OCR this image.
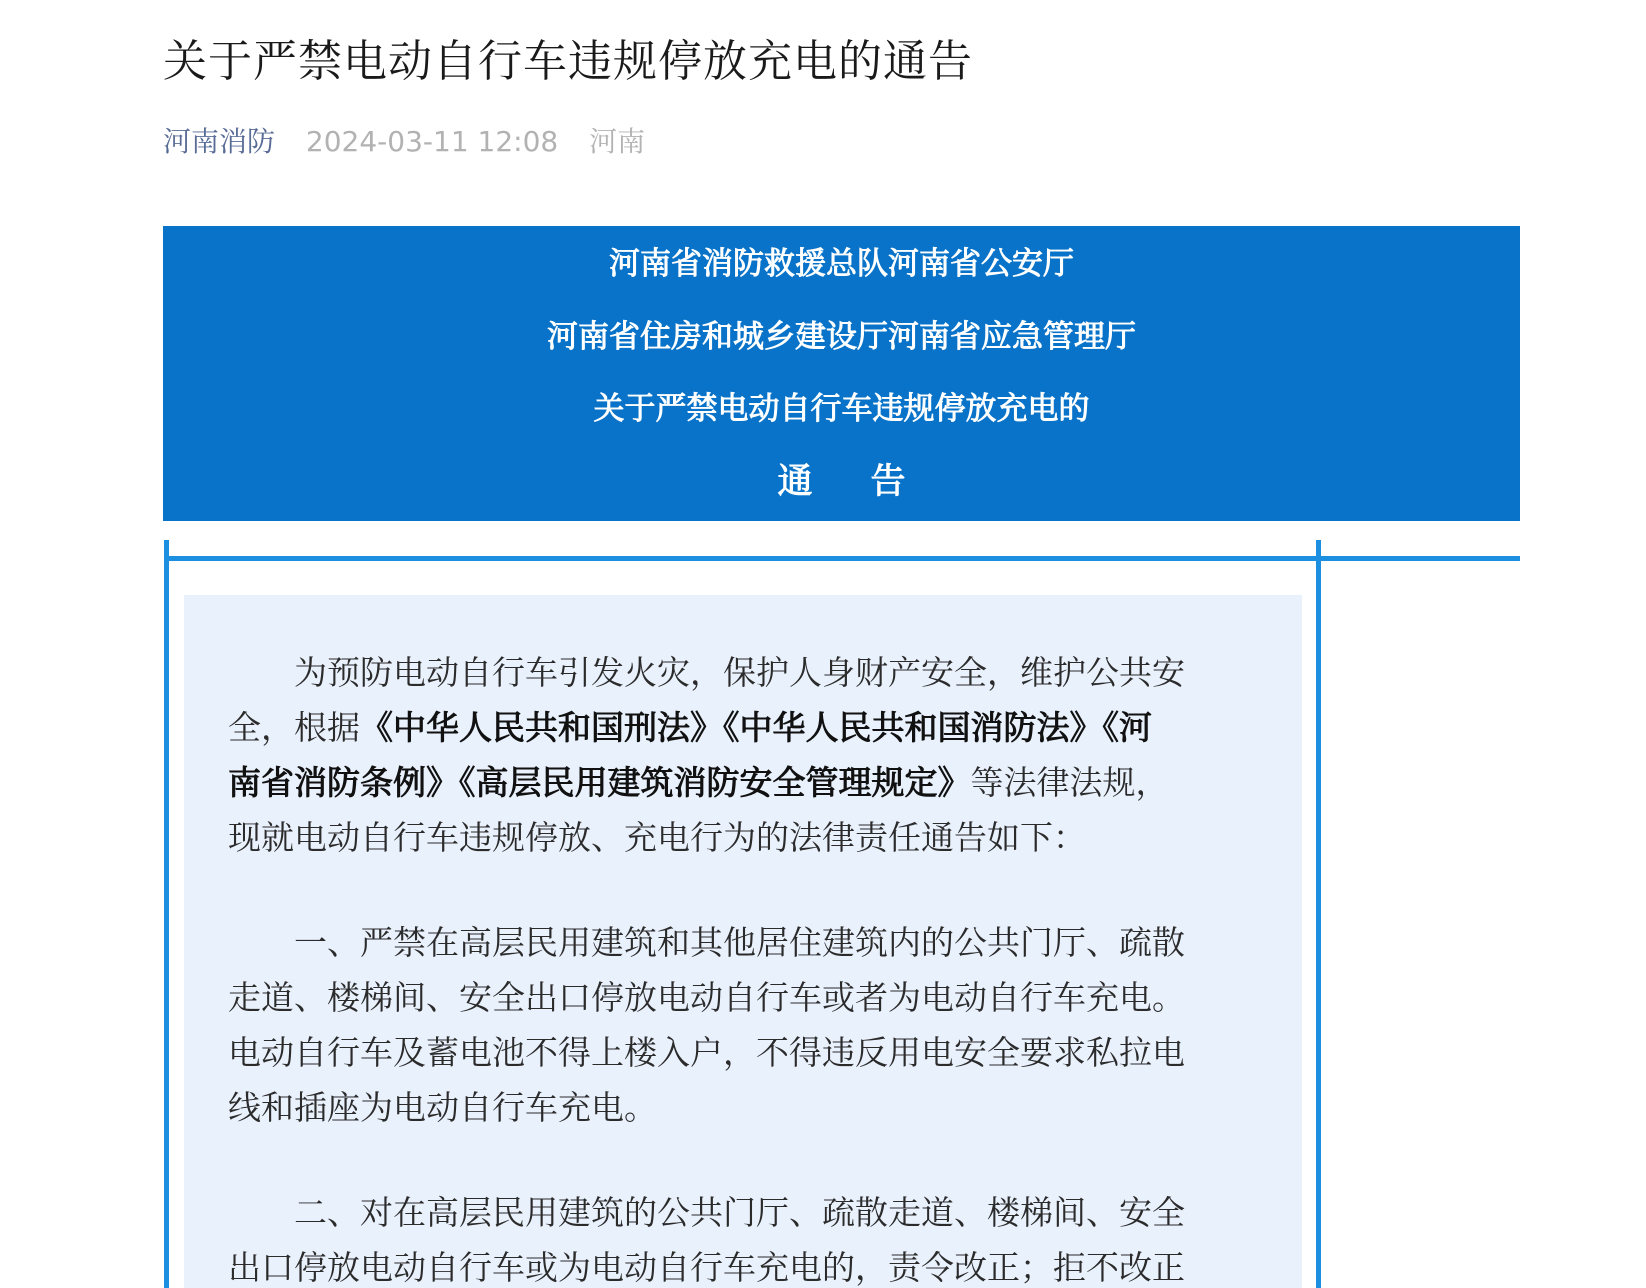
关于严禁电动自行车违规停放充电的通告
河南消防 2024-03-11 12:08 河南
河南省消防救援总队河南省公安厅
河南省住房和城乡建设厅河南省应急管理厅
关于严禁电动自行车违规停放充电的
通 告
为预防电动自行车引发火灾，保护人身财产安全，维护公共安
全，根据《中华人民共和国刑法》《中华人民共和国消防法》《河
南省消防条例》《高层民用建筑消防安全管理规定》等法律法规，
现就电动自行车违规停放、充电行为的法律责任通告如下：
一、严禁在高层民用建筑和其他居住建筑内的公共门厅、疏散
走道、楼梯间、安全出口停放电动自行车或者为电动自行车充电。
电动自行车及蓄电池不得上楼入户，不得违反用电安全要求私拉电
线和插座为电动自行车充电。
二、对在高层民用建筑的公共门厅、疏散走道、楼梯间、安全
出口停放电动自行车或为电动自行车充电的，责令改正；拒不改正
